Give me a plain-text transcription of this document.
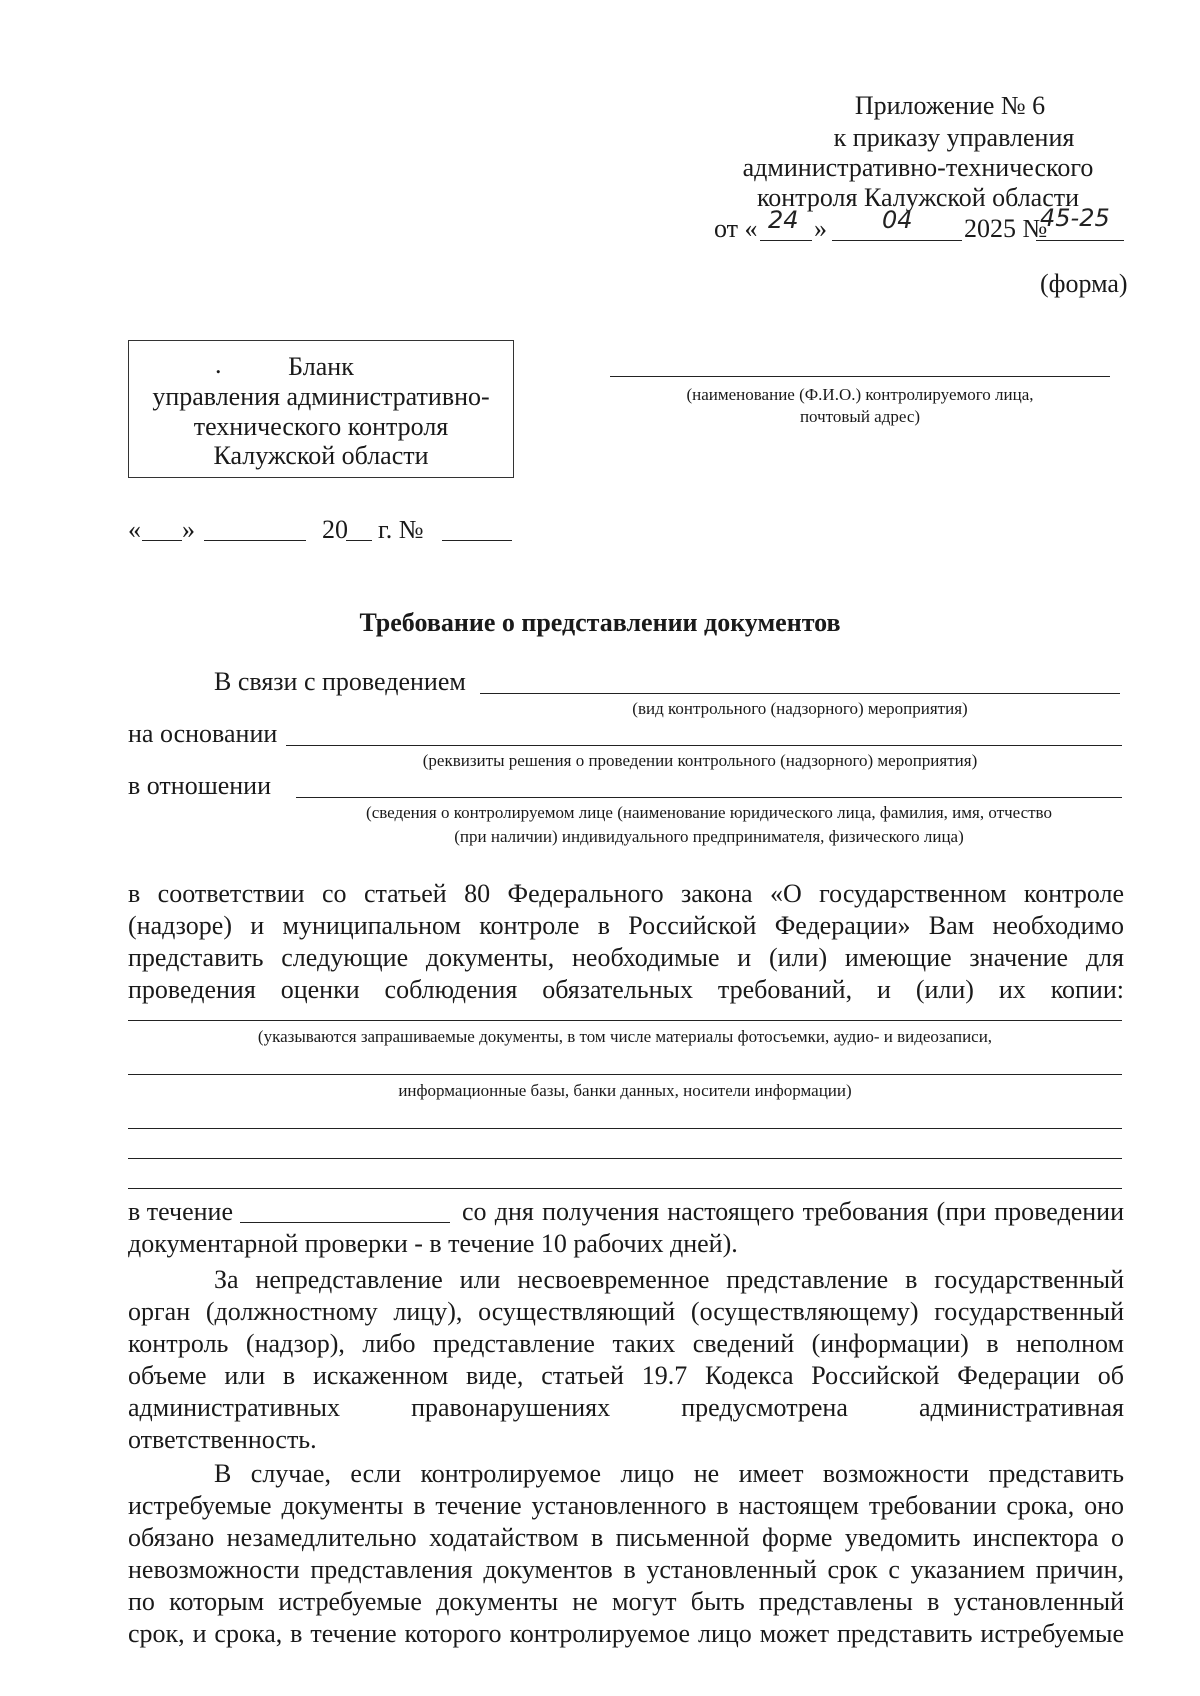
Приложение № 6
к приказу управления
административно-технического
контроля Калужской области
от « 24 » 04 2025 №
45-25
(форма)
.	Бланк
управления административно-
технического контроля
Калужской области
(наименование (Ф.И.О.) контролируемого лица,
почтовый адрес)
« »	20 г. №
Требование о представлении документов
В связи с проведением
(вид контрольного (надзорного) мероприятия)
на основании
(реквизиты решения о проведении контрольного (надзорного) мероприятия)
в отношении
(сведения о контролируемом лице (наименование юридического лица, фамилия, имя, отчество
(при наличии) индивидуального предпринимателя, физического лица)
в соответствии со статьей 80 Федерального закона «О государственном контроле
(надзоре) и муниципальном контроле в Российской Федерации» Вам необходимо
представить следующие документы, необходимые и (или) имеющие значение для
проведения оценки соблюдения обязательных требований, и (или) их копии:
(указываются запрашиваемые документы, в том числе материалы фотосъемки, аудио- и видеозаписи,
информационные базы, банки данных, носители информации)
в течение	со дня получения настоящего требования (при проведении
документарной проверки - в течение 10 рабочих дней).
За непредставление или несвоевременное представление в государственный
орган (должностному лицу), осуществляющий (осуществляющему) государственный
контроль (надзор), либо представление таких сведений (информации) в неполном
объеме или в искаженном виде, статьей 19.7 Кодекса Российской Федерации об
административных правонарушениях предусмотрена административная
ответственность.
В случае, если контролируемое лицо не имеет возможности представить
истребуемые документы в течение установленного в настоящем требовании срока, оно
обязано незамедлительно ходатайством в письменной форме уведомить инспектора о
невозможности представления документов в установленный срок с указанием причин,
по которым истребуемые документы не могут быть представлены в установленный
срок, и срока, в течение которого контролируемое лицо может представить истребуемые
